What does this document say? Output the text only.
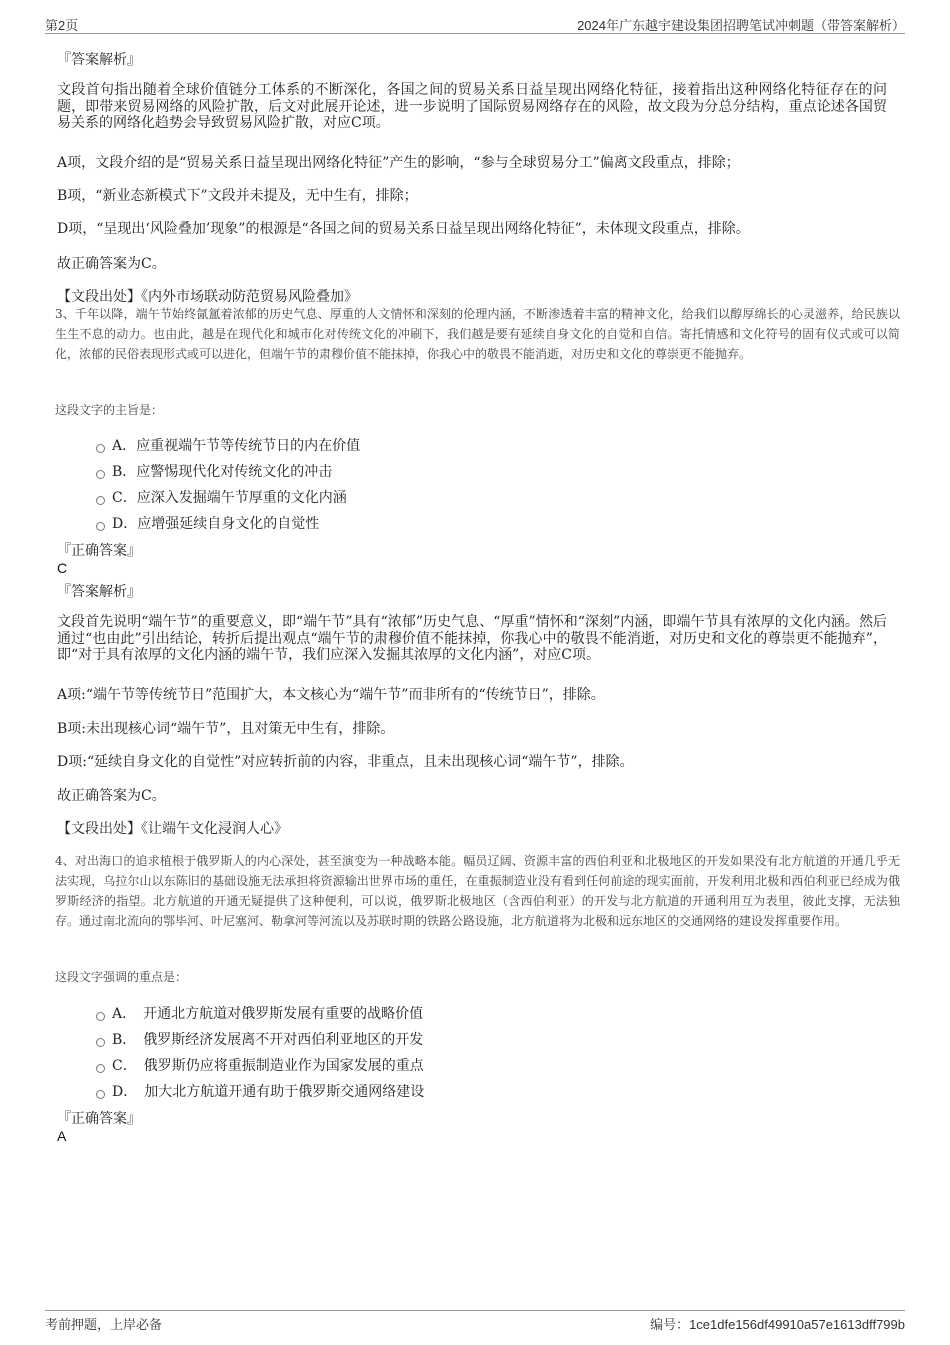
第2页	2024年广东越宇建设集团招聘笔试冲刺题（带答案解析）
『答案解析』
文段首句指出随着全球价值链分工体系的不断深化，各国之间的贸易关系日益呈现出网络化特征，接着指出这种网络化特征存在的问题，即带来贸易网络的风险扩散，后文对此展开论述，进一步说明了国际贸易网络存在的风险，故文段为分总分结构，重点论述各国贸易关系的网络化趋势会导致贸易风险扩散，对应C项。
A项，文段介绍的是“贸易关系日益呈现出网络化特征”产生的影响，“参与全球贸易分工”偏离文段重点，排除；
B项，“新业态新模式下”文段并未提及，无中生有，排除；
D项，“呈现出‘风险叠加’现象”的根源是“各国之间的贸易关系日益呈现出网络化特征”，未体现文段重点，排除。
故正确答案为C。
【文段出处】《内外市场联动防范贸易风险叠加》
3、千年以降，端午节始终氤氲着浓郁的历史气息、厚重的人文情怀和深刻的伦理内涵，不断渗透着丰富的精神文化，给我们以醇厚绵长的心灵滋养，给民族以生生不息的动力。也由此，越是在现代化和城市化对传统文化的冲刷下，我们越是要有延续自身文化的自觉和自信。寄托情感和文化符号的固有仪式或可以简化，浓郁的民俗表现形式或可以进化，但端午节的肃穆价值不能抹掉，你我心中的敬畏不能消逝，对历史和文化的尊崇更不能抛弃。
这段文字的主旨是：
A．应重视端午节等传统节日的内在价值
B．应警惕现代化对传统文化的冲击
C．应深入发掘端午节厚重的文化内涵
D．应增强延续自身文化的自觉性
『正确答案』
C
『答案解析』
文段首先说明“端午节”的重要意义，即“端午节”具有“浓郁”历史气息、“厚重”情怀和“深刻”内涵，即端午节具有浓厚的文化内涵。然后通过“也由此”引出结论，转折后提出观点“端午节的肃穆价值不能抹掉，你我心中的敬畏不能消逝，对历史和文化的尊崇更不能抛弃”，即“对于具有浓厚的文化内涵的端午节，我们应深入发掘其浓厚的文化内涵”，对应C项。
A项:“端午节等传统节日”范围扩大，本文核心为“端午节”而非所有的“传统节日”，排除。
B项:未出现核心词“端午节”，且对策无中生有，排除。
D项:“延续自身文化的自觉性”对应转折前的内容，非重点，且未出现核心词“端午节”，排除。
故正确答案为C。
【文段出处】《让端午文化浸润人心》
4、对出海口的追求植根于俄罗斯人的内心深处，甚至演变为一种战略本能。幅员辽阔、资源丰富的西伯利亚和北极地区的开发如果没有北方航道的开通几乎无法实现，乌拉尔山以东陈旧的基础设施无法承担将资源输出世界市场的重任，在重振制造业没有看到任何前途的现实面前，开发利用北极和西伯利亚已经成为俄罗斯经济的指望。北方航道的开通无疑提供了这种便利，可以说，俄罗斯北极地区（含西伯利亚）的开发与北方航道的开通利用互为表里，彼此支撑，无法独存。通过南北流向的鄂毕河、叶尼塞河、勒拿河等河流以及苏联时期的铁路公路设施，北方航道将为北极和远东地区的交通网络的建设发挥重要作用。
这段文字强调的重点是：
A．　开通北方航道对俄罗斯发展有重要的战略价值
B．　俄罗斯经济发展离不开对西伯利亚地区的开发
C．　俄罗斯仍应将重振制造业作为国家发展的重点
D．　加大北方航道开通有助于俄罗斯交通网络建设
『正确答案』
A
考前押题，上岸必备	编号：1ce1dfe156df49910a57e1613dff799b
